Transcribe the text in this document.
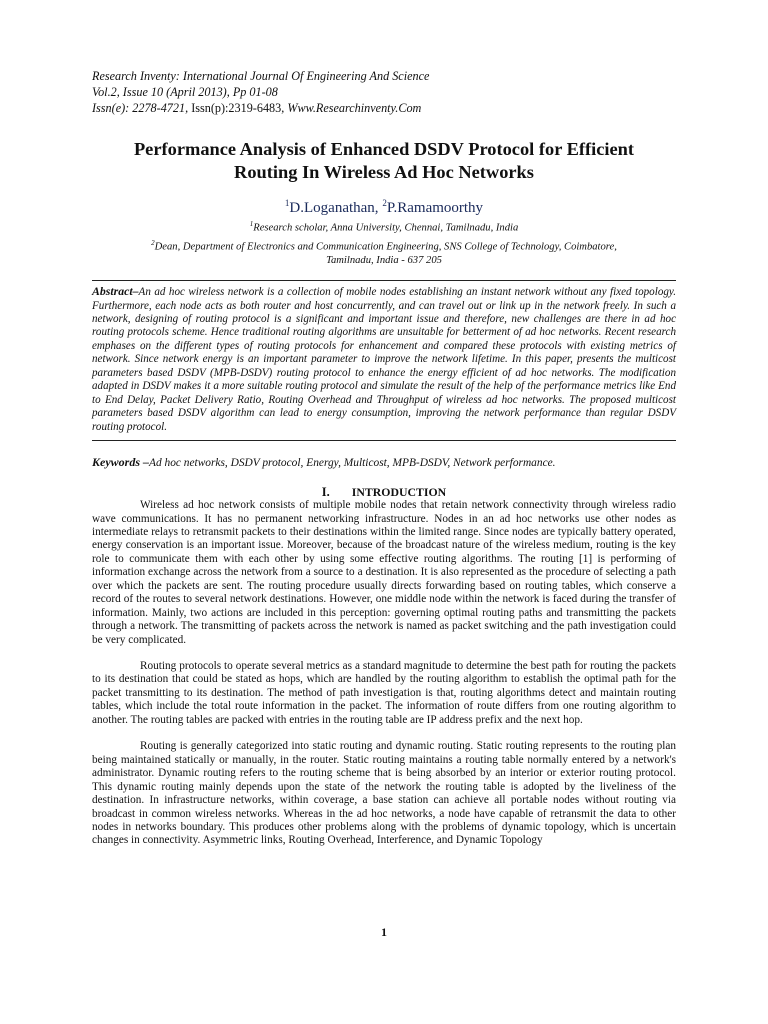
Research Inventy: International Journal Of Engineering And Science
Vol.2, Issue 10 (April 2013), Pp 01-08
Issn(e): 2278-4721, Issn(p):2319-6483, Www.Researchinventy.Com
Performance Analysis of Enhanced DSDV Protocol for Efficient
Routing In Wireless Ad Hoc Networks
$^1$D.Loganathan, $^2$P.Ramamoorthy
$^1$Research scholar, Anna University, Chennai, Tamilnadu, India
$^2$Dean, Department of Electronics and Communication Engineering, SNS College of Technology, Coimbatore,
Tamilnadu, India - 637 205

Abstract–An ad hoc wireless network is a collection of mobile nodes establishing an instant network without any fixed topology. Furthermore, each node acts as both router and host concurrently, and can travel out or link up in the network freely. In such a network, designing of routing protocol is a significant and important issue and therefore, new challenges are there in ad hoc routing protocols scheme. Hence traditional routing algorithms are unsuitable for betterment of ad hoc networks. Recent research emphases on the different types of routing protocols for enhancement and compared these protocols with existing metrics of network. Since network energy is an important parameter to improve the network lifetime. In this paper, presents the multicost parameters based DSDV (MPB-DSDV) routing protocol to enhance the energy efficient of ad hoc networks. The modification adapted in DSDV makes it a more suitable routing protocol and simulate the result of the help of the performance metrics like End to End Delay, Packet Delivery Ratio, Routing Overhead and Throughput of wireless ad hoc networks. The proposed multicost parameters based DSDV algorithm can lead to energy consumption, improving the network performance than regular DSDV routing protocol.

Keywords –Ad hoc networks, DSDV protocol, Energy, Multicost, MPB-DSDV, Network performance.
I. INTRODUCTION

Wireless ad hoc network consists of multiple mobile nodes that retain network connectivity through wireless radio wave communications. It has no permanent networking infrastructure. Nodes in an ad hoc networks use other nodes as intermediate relays to retransmit packets to their destinations within the limited range. Since nodes are typically battery operated, energy conservation is an important issue. Moreover, because of the broadcast nature of the wireless medium, routing is the key role to communicate them with each other by using some effective routing algorithms. The routing [1] is performing of information exchange across the network from a source to a destination. It is also represented as the procedure of selecting a path over which the packets are sent. The routing procedure usually directs forwarding based on routing tables, which conserve a record of the routes to several network destinations. However, one middle node within the network is faced during the transfer of information. Mainly, two actions are included in this perception: governing optimal routing paths and transmitting the packets through a network. The transmitting of packets across the network is named as packet switching and the path investigation could be very complicated.

Routing protocols to operate several metrics as a standard magnitude to determine the best path for routing the packets to its destination that could be stated as hops, which are handled by the routing algorithm to establish the optimal path for the packet transmitting to its destination. The method of path investigation is that, routing algorithms detect and maintain routing tables, which include the total route information in the packet. The information of route differs from one routing algorithm to another. The routing tables are packed with entries in the routing table are IP address prefix and the next hop.

Routing is generally categorized into static routing and dynamic routing. Static routing represents to the routing plan being maintained statically or manually, in the router. Static routing maintains a routing table normally entered by a network's administrator. Dynamic routing refers to the routing scheme that is being absorbed by an interior or exterior routing protocol. This dynamic routing mainly depends upon the state of the network the routing table is adopted by the liveliness of the destination. In infrastructure networks, within coverage, a base station can achieve all portable nodes without routing via broadcast in common wireless networks. Whereas in the ad hoc networks, a node have capable of retransmit the data to other nodes in networks boundary. This produces other problems along with the problems of dynamic topology, which is uncertain changes in connectivity. Asymmetric links, Routing Overhead, Interference, and Dynamic Topology

1
